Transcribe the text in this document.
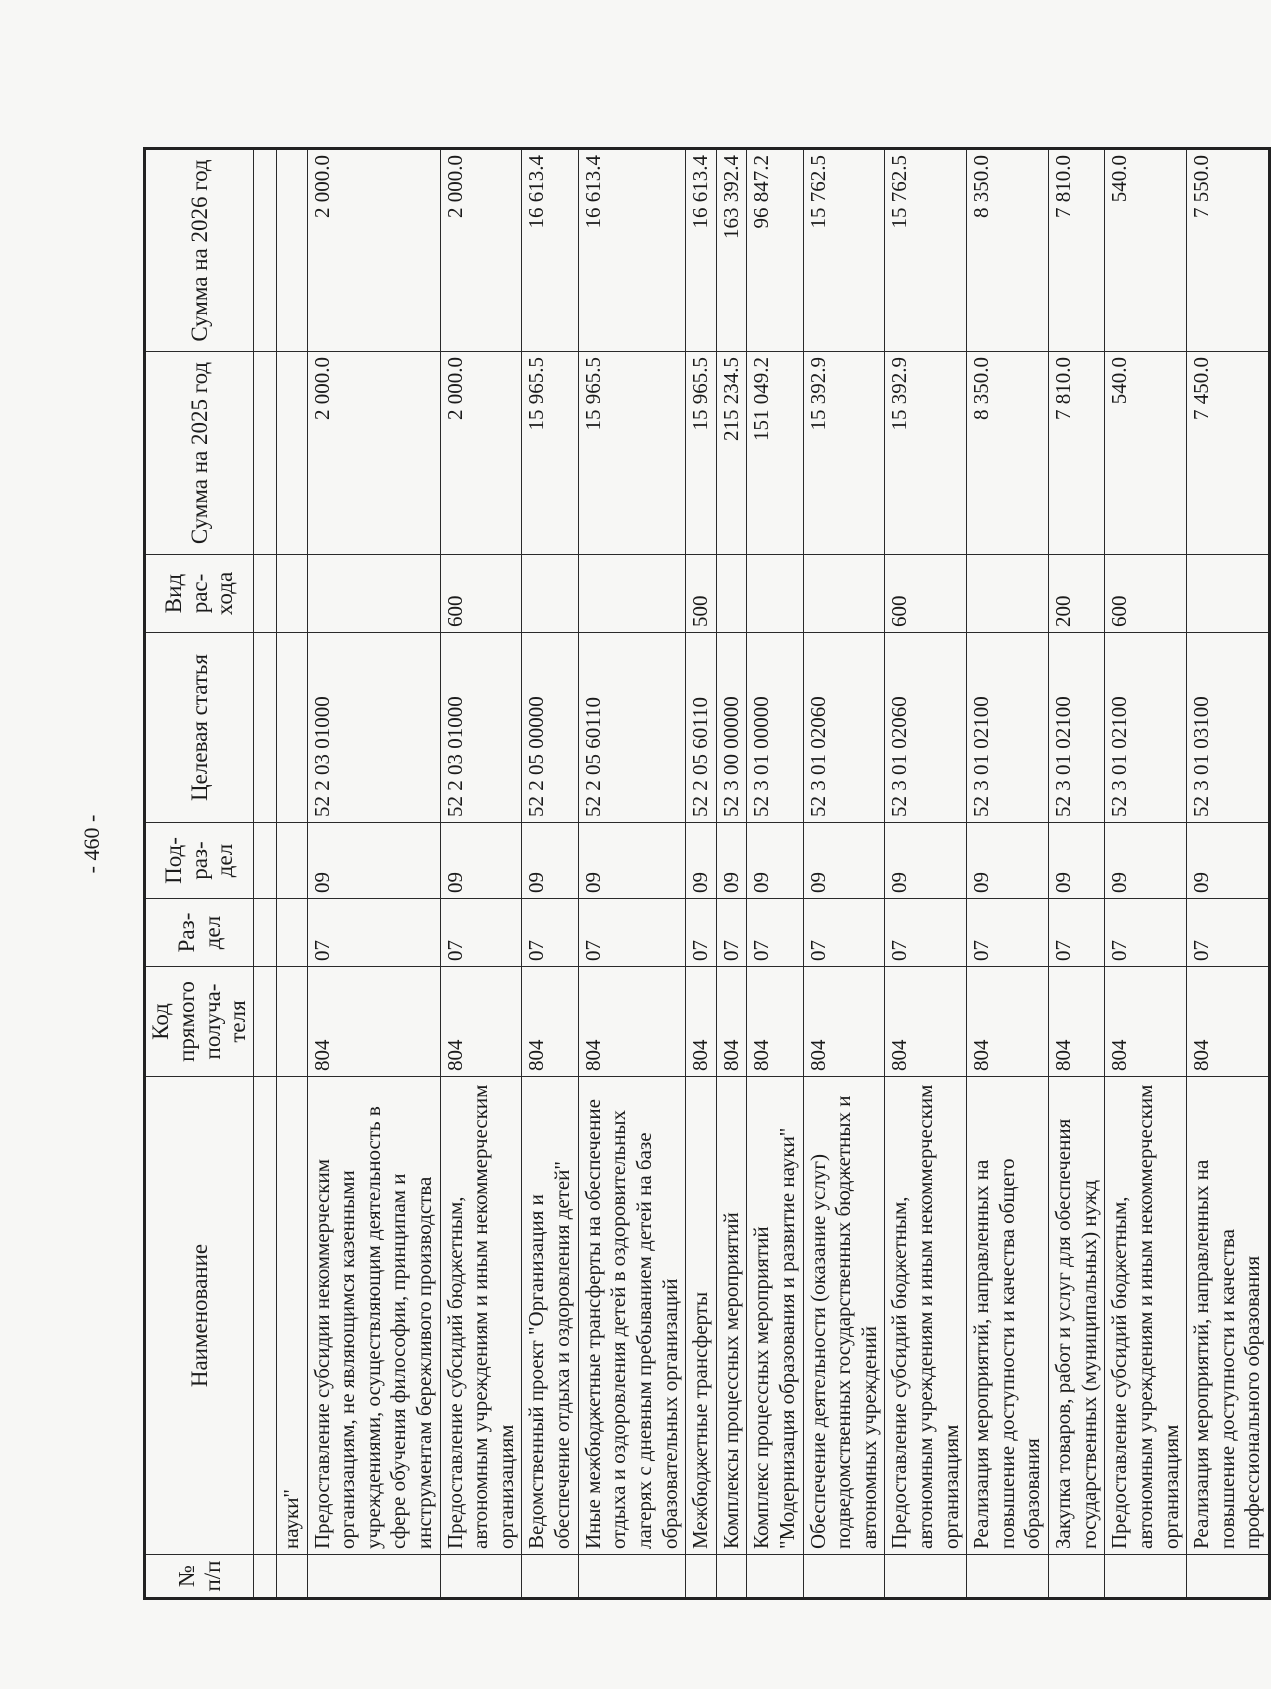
- 460 -
№ п/п	Наименование	Код прямого получа-теля	Раз-дел	Под-раз-дел	Целевая статья	Вид рас-хода	Сумма на 2025 год	Сумма на 2026 год

	науки"							
	Предоставление субсидии некоммерческим организациям, не являющимся казенными учреждениями, осуществляющим деятельность в сфере обучения философии, принципам и инструментам бережливого производства	804	07	09	52 2 03 01000		2 000.0	2 000.0
	Предоставление субсидий бюджетным, автономным учреждениям и иным некоммерческим организациям	804	07	09	52 2 03 01000	600	2 000.0	2 000.0
	Ведомственный проект "Организация и обеспечение отдыха и оздоровления детей"	804	07	09	52 2 05 00000		15 965.5	16 613.4
	Иные межбюджетные трансферты на обеспечение отдыха и оздоровления детей в оздоровительных лагерях с дневным пребыванием детей на базе образовательных организаций	804	07	09	52 2 05 60110		15 965.5	16 613.4
	Межбюджетные трансферты	804	07	09	52 2 05 60110	500	15 965.5	16 613.4
	Комплексы процессных мероприятий	804	07	09	52 3 00 00000		215 234.5	163 392.4
	Комплекс процессных мероприятий "Модернизация образования и развитие науки"	804	07	09	52 3 01 00000		151 049.2	96 847.2
	Обеспечение деятельности (оказание услуг) подведомственных государственных бюджетных и автономных учреждений	804	07	09	52 3 01 02060		15 392.9	15 762.5
	Предоставление субсидий бюджетным, автономным учреждениям и иным некоммерческим организациям	804	07	09	52 3 01 02060	600	15 392.9	15 762.5
	Реализация мероприятий, направленных на повышение доступности и качества общего образования	804	07	09	52 3 01 02100		8 350.0	8 350.0
	Закупка товаров, работ и услуг для обеспечения государственных (муниципальных) нужд	804	07	09	52 3 01 02100	200	7 810.0	7 810.0
	Предоставление субсидий бюджетным, автономным учреждениям и иным некоммерческим организациям	804	07	09	52 3 01 02100	600	540.0	540.0
	Реализация мероприятий, направленных на повышение доступности и качества профессионального образования	804	07	09	52 3 01 03100		7 450.0	7 550.0
